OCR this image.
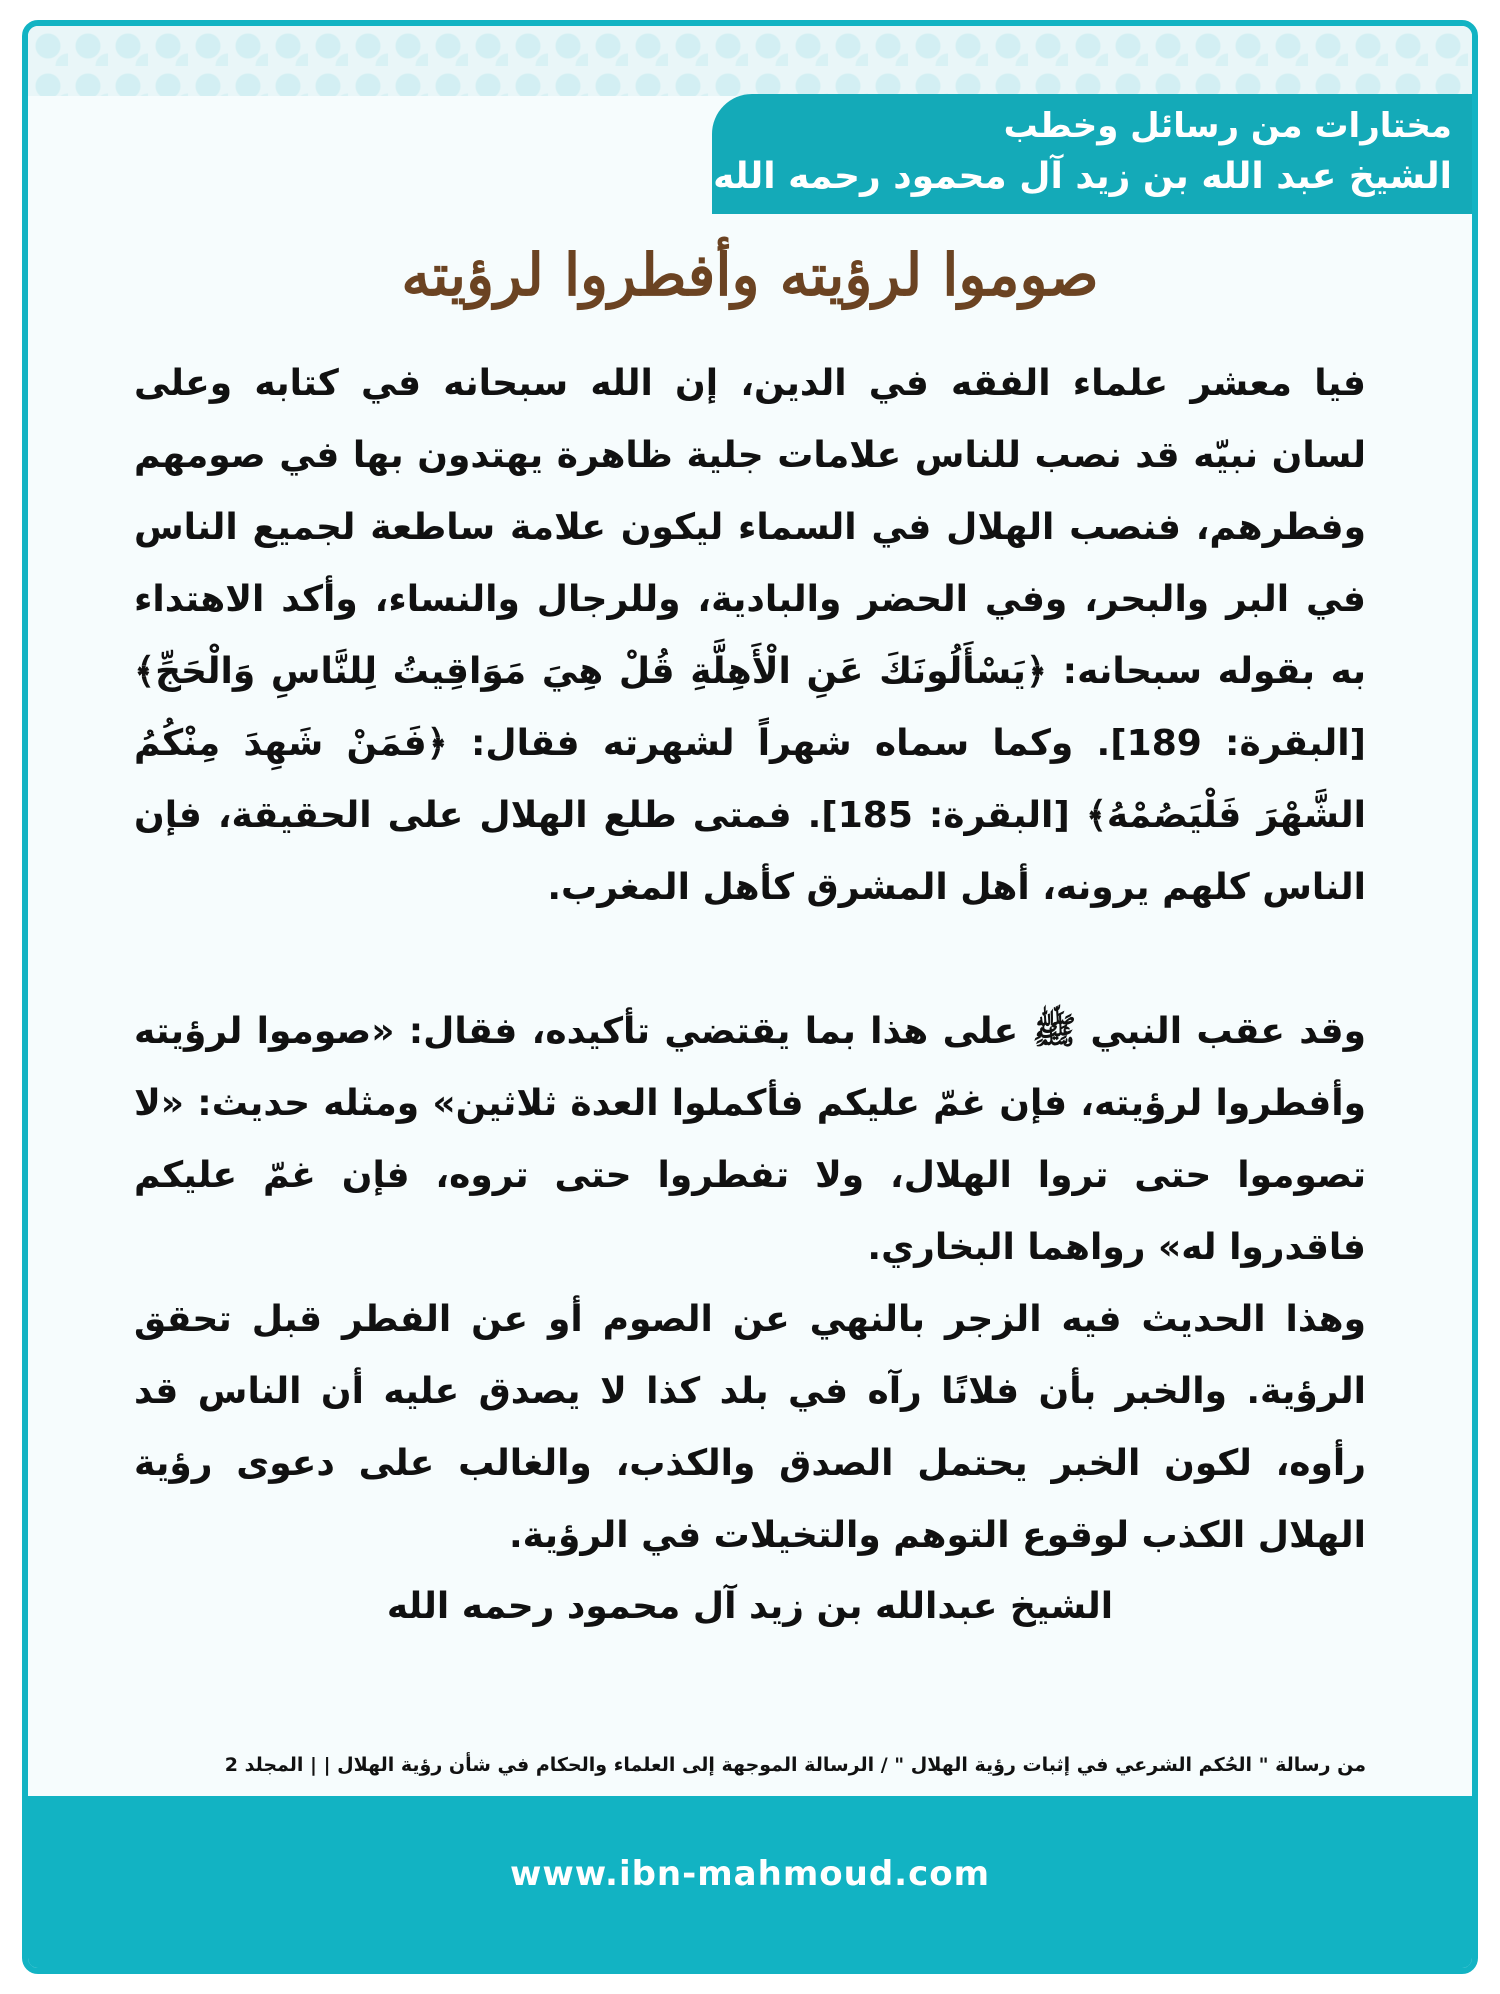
مختارات من رسائل وخطب
الشيخ عبد الله بن زيد آل محمود رحمه الله
صوموا لرؤيته وأفطروا لرؤيته

فيا معشر علماء الفقه في الدين، إن الله سبحانه في كتابه وعلى لسان نبيّه قد نصب للناس علامات جلية ظاهرة يهتدون بها في صومهم وفطرهم، فنصب الهلال في السماء ليكون علامة ساطعة لجميع الناس في البر والبحر، وفي الحضر والبادية، وللرجال والنساء، وأكد الاهتداء به بقوله سبحانه: ﴿يَسْأَلُونَكَ عَنِ الْأَهِلَّةِ قُلْ هِيَ مَوَاقِيتُ لِلنَّاسِ وَالْحَجِّ﴾ [البقرة: 189]. وكما سماه شهراً لشهرته فقال: ﴿فَمَنْ شَهِدَ مِنْكُمُ الشَّهْرَ فَلْيَصُمْهُ﴾ [البقرة: 185]. فمتى طلع الهلال على الحقيقة، فإن الناس كلهم يرونه، أهل المشرق كأهل المغرب.

وقد عقب النبي ﷺ على هذا بما يقتضي تأكيده، فقال: «صوموا لرؤيته وأفطروا لرؤيته، فإن غمّ عليكم فأكملوا العدة ثلاثين» ومثله حديث: «لا تصوموا حتى تروا الهلال، ولا تفطروا حتى تروه، فإن غمّ عليكم فاقدروا له» رواهما البخاري.

وهذا الحديث فيه الزجر بالنهي عن الصوم أو عن الفطر قبل تحقق الرؤية. والخبر بأن فلانًا رآه في بلد كذا لا يصدق عليه أن الناس قد رأوه، لكون الخبر يحتمل الصدق والكذب، والغالب على دعوى رؤية الهلال الكذب لوقوع التوهم والتخيلات في الرؤية.

الشيخ عبدالله بن زيد آل محمود رحمه الله
من رسالة " الحُكم الشرعي في إثبات رؤية الهلال " / الرسالة الموجهة إلى العلماء والحكام في شأن رؤية الهلال | | المجلد 2
www.ibn-mahmoud.com
